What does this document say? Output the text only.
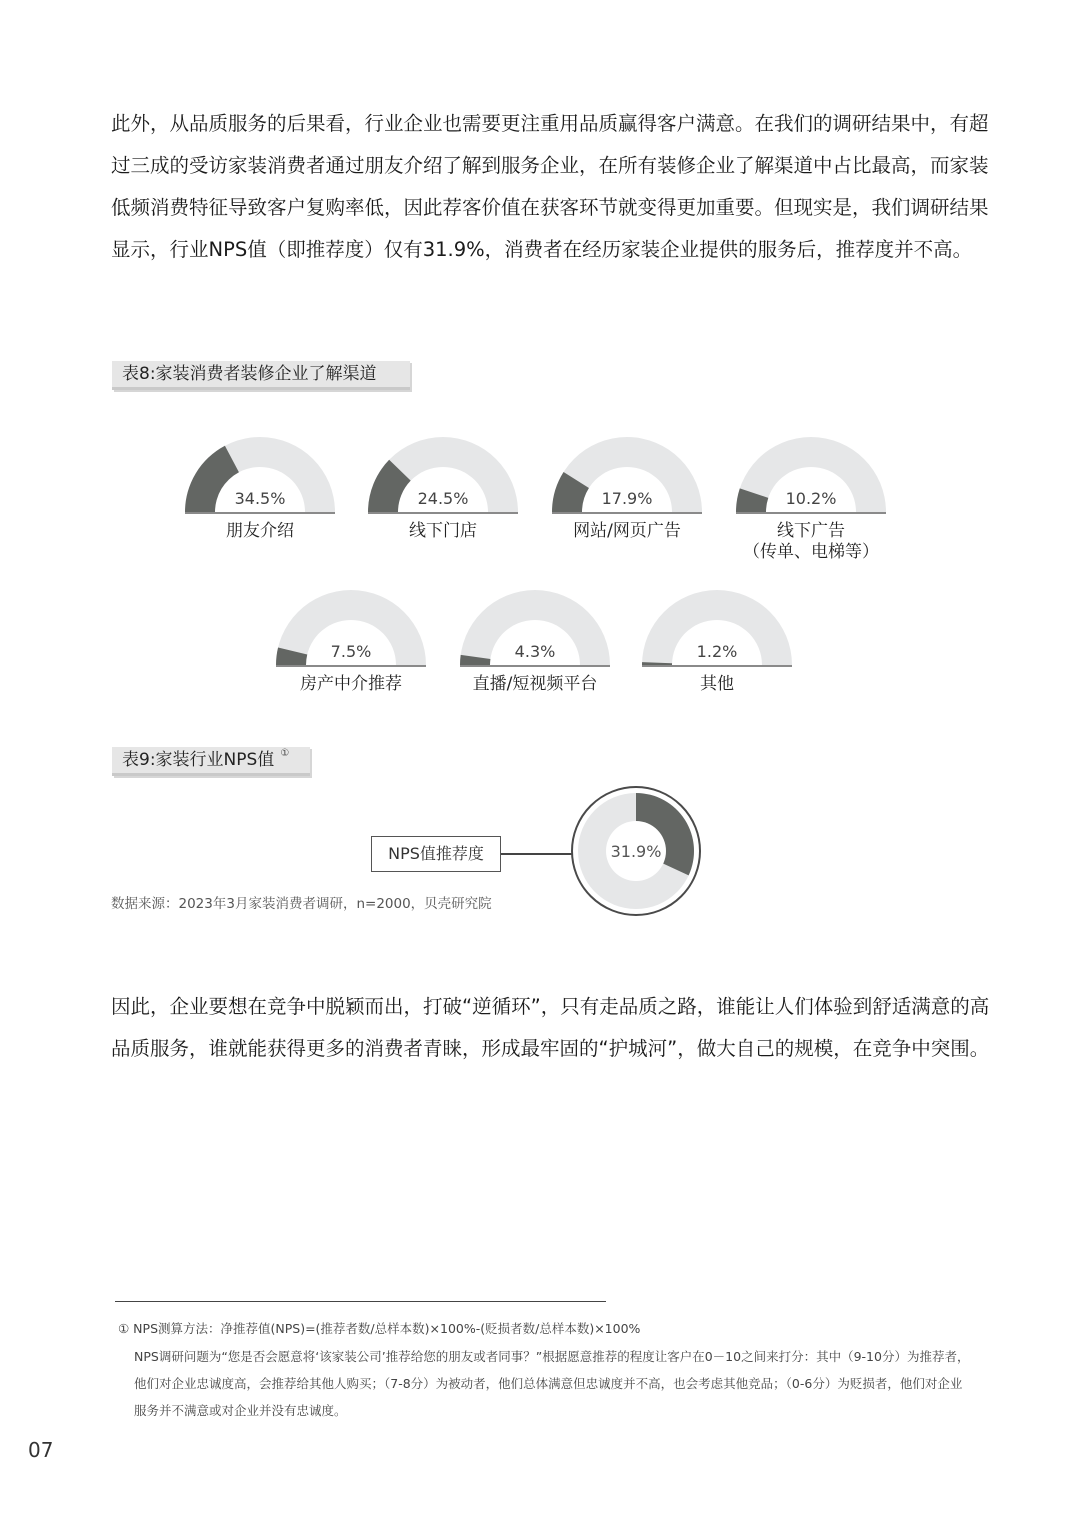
此外，从品质服务的后果看，行业企业也需要更注重用品质赢得客户满意。在我们的调研结果中，有超过三成的受访家装消费者通过朋友介绍了解到服务企业，在所有装修企业了解渠道中占比最高，而家装低频消费特征导致客户复购率低，因此荐客价值在获客环节就变得更加重要。但现实是，我们调研结果显示，行业NPS值（即推荐度）仅有31.9%，消费者在经历家装企业提供的服务后，推荐度并不高。

表8:家装消费者装修企业了解渠道
34.5%
朋友介绍
24.5%
线下门店
17.9%
网站/网页广告
10.2%
线下广告
（传单、电梯等）
7.5%
房产中介推荐
4.3%
直播/短视频平台
1.2%
其他
表9:家装行业NPS值 ①
NPS值推荐度	31.9%
数据来源：2023年3月家装消费者调研，n=2000，贝壳研究院

因此，企业要想在竞争中脱颖而出，打破“逆循环”，只有走品质之路，谁能让人们体验到舒适满意的高品质服务，谁就能获得更多的消费者青睐，形成最牢固的“护城河”，做大自己的规模，在竞争中突围。

① NPS测算方法：净推荐值(NPS)=(推荐者数/总样本数)×100%-(贬损者数/总样本数)×100%

NPS调研问题为“您是否会愿意将‘该家装公司’推荐给您的朋友或者同事？”根据愿意推荐的程度让客户在0－10之间来打分：其中（9-10分）为推荐者，他们对企业忠诚度高，会推荐给其他人购买；（7-8分）为被动者，他们总体满意但忠诚度并不高，也会考虑其他竞品；（0-6分）为贬损者，他们对企业服务并不满意或对企业并没有忠诚度。

07
